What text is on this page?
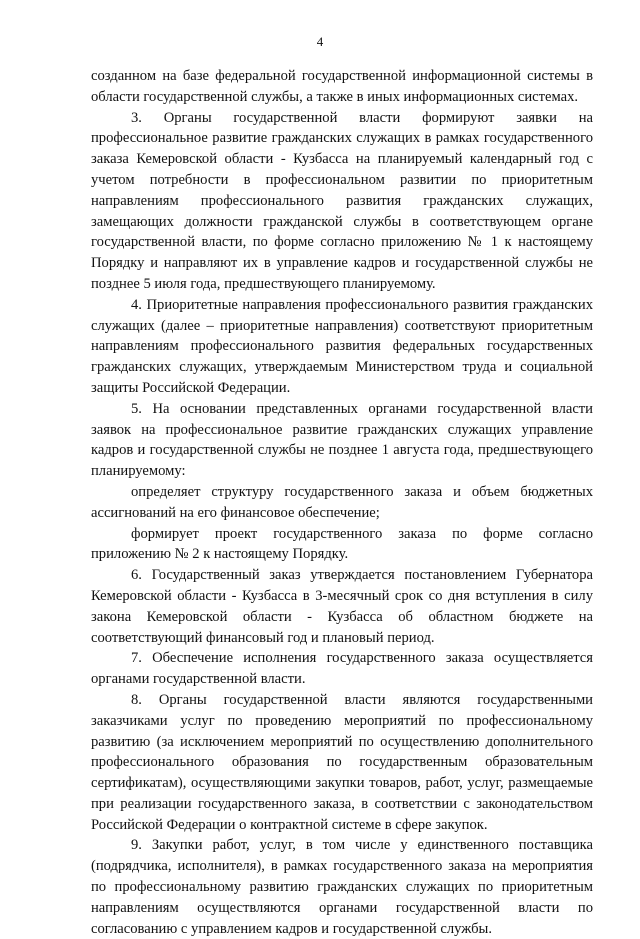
4

созданном на базе федеральной государственной информационной системы в области государственной службы, а также в иных информационных системах.

3. Органы государственной власти формируют заявки на профессиональное развитие гражданских служащих в рамках государственного заказа Кемеровской области - Кузбасса на планируемый календарный год с учетом потребности в профессиональном развитии по приоритетным направлениям профессионального развития гражданских служащих, замещающих должности гражданской службы в соответствующем органе государственной власти, по форме согласно приложению № 1 к настоящему Порядку и направляют их в управление кадров и государственной службы не позднее 5 июля года, предшествующего планируемому.

4. Приоритетные направления профессионального развития гражданских служащих (далее – приоритетные направления) соответствуют приоритетным направлениям профессионального развития федеральных государственных гражданских служащих, утверждаемым Министерством труда и социальной защиты Российской Федерации.

5. На основании представленных органами государственной власти заявок на профессиональное развитие гражданских служащих управление кадров и государственной службы не позднее 1 августа года, предшествующего планируемому:

определяет структуру государственного заказа и объем бюджетных ассигнований на его финансовое обеспечение;

формирует проект государственного заказа по форме согласно приложению № 2 к настоящему Порядку.

6. Государственный заказ утверждается постановлением Губернатора Кемеровской области - Кузбасса в 3-месячный срок со дня вступления в силу закона Кемеровской области - Кузбасса об областном бюджете на соответствующий финансовый год и плановый период.

7. Обеспечение исполнения государственного заказа осуществляется органами государственной власти.

8. Органы государственной власти являются государственными заказчиками услуг по проведению мероприятий по профессиональному развитию (за исключением мероприятий по осуществлению дополнительного профессионального образования по государственным образовательным сертификатам), осуществляющими закупки товаров, работ, услуг, размещаемые при реализации государственного заказа, в соответствии с законодательством Российской Федерации о контрактной системе в сфере закупок.

9. Закупки работ, услуг, в том числе у единственного поставщика (подрядчика, исполнителя), в рамках государственного заказа на мероприятия по профессиональному развитию гражданских служащих по приоритетным направлениям осуществляются органами государственной власти по согласованию с управлением кадров и государственной службы.
